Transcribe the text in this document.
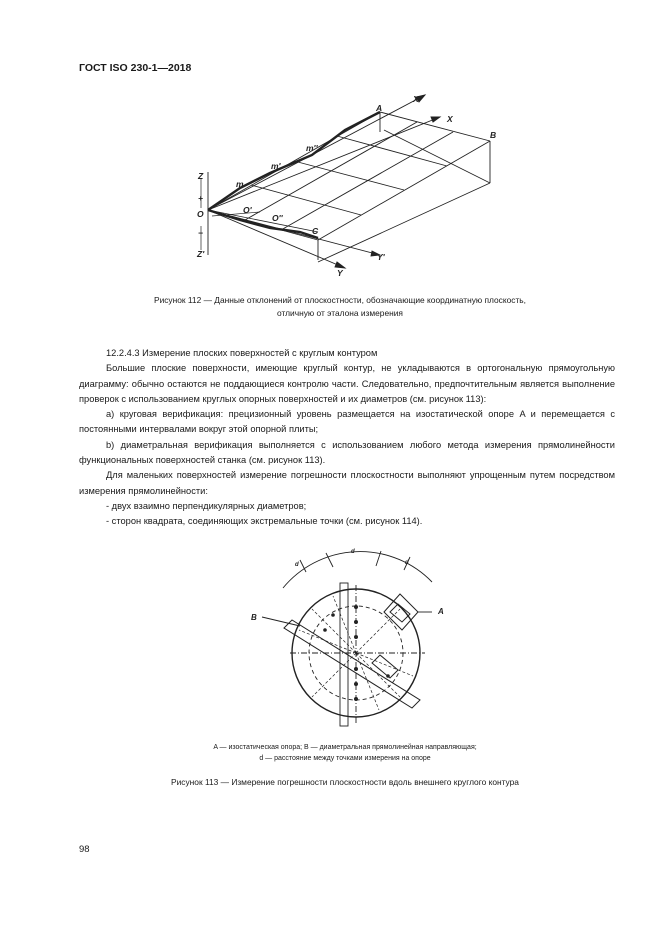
ГОСТ ISO 230-1—2018
Z
+
O
−
Z'
A
B
C
X'
X
Y
Y'
m
m'
m''
O'
O''
Рисунок 112 — Данные отклонений от плоскостности, обозначающие координатную плоскость,
отличную от эталона измерения

12.2.4.3 Измерение плоских поверхностей с круглым контуром

Большие плоские поверхности, имеющие круглый контур, не укладываются в ортогональную прямоугольную диаграмму: обычно остаются не поддающиеся контролю части. Следовательно, предпочтительным является выполнение проверок с использованием круглых опорных поверхностей и их диаметров (см. рисунок 113):

a) круговая верификация: прецизионный уровень размещается на изостатической опоре A и перемещается с постоянными интервалами вокруг этой опорной плиты;

b) диаметральная верификация выполняется с использованием любого метода измерения прямолинейности функциональных поверхностей станка (см. рисунок 113).

Для маленьких поверхностей измерение погрешности плоскостности выполняют упрощенным путем посредством измерения прямолинейности:

- двух взаимно перпендикулярных диаметров;

- сторон квадрата, соединяющих экстремальные точки (см. рисунок 114).

B
A
d
d
d
A — изостатическая опора; B — диаметральная прямолинейная направляющая;
d — расстояние между точками измерения на опоре
Рисунок 113 — Измерение погрешности плоскостности вдоль внешнего круглого контура
98
